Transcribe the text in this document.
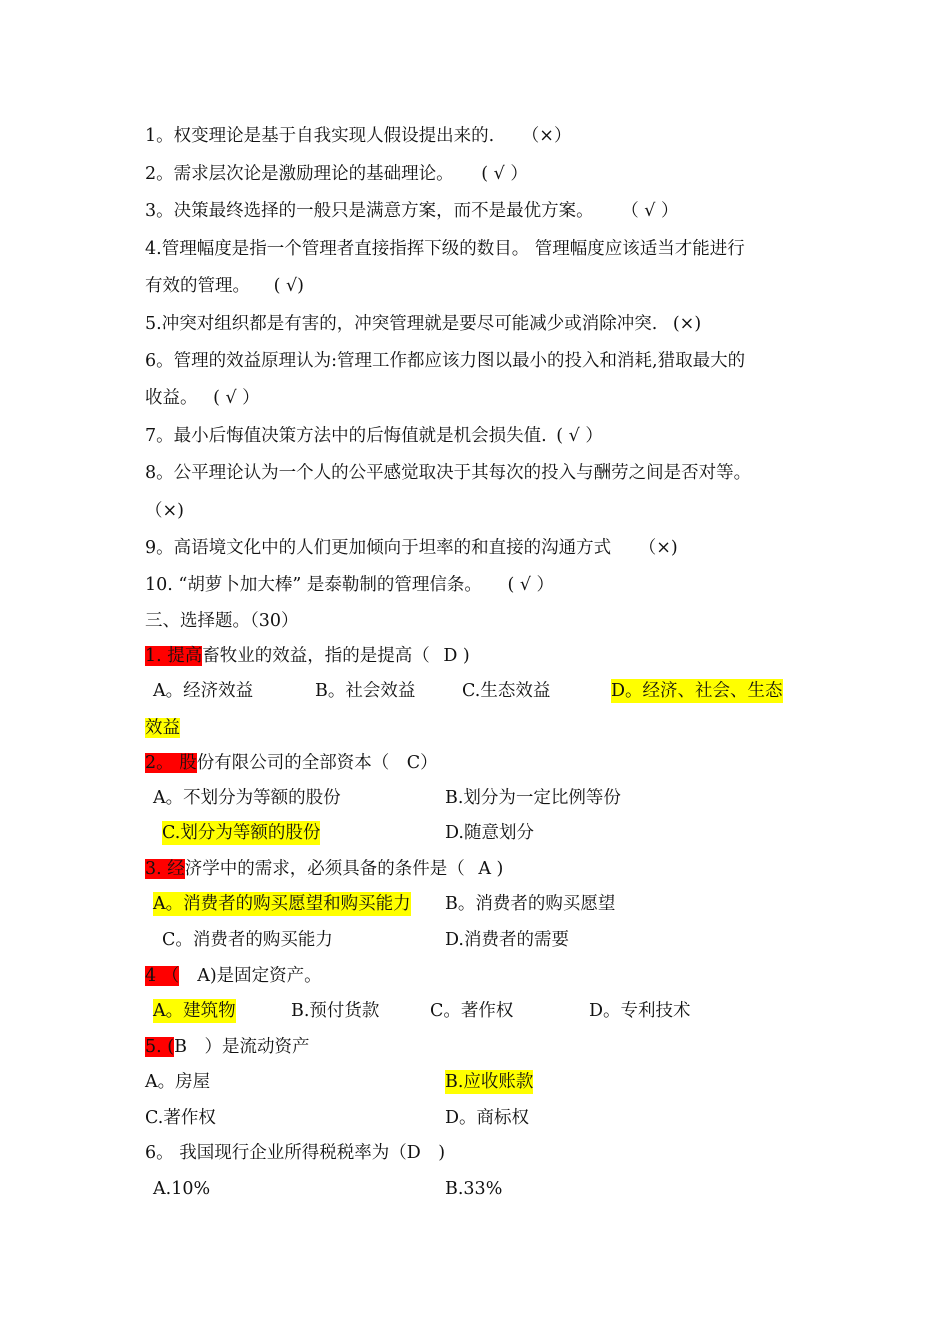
1。权变理论是基于自我实现人假设提出来的. （×）
2。需求层次论是激励理论的基础理论。 ( √ ）
3。决策最终选择的一般只是满意方案，而不是最优方案。 （ √ ）
4.管理幅度是指一个管理者直接指挥下级的数目。 管理幅度应该适当才能进行
有效的管理。 ( √)
5.冲突对组织都是有害的，冲突管理就是要尽可能减少或消除冲突. (×)
6。管理的效益原理认为:管理工作都应该力图以最小的投入和消耗,猎取最大的
收益。 ( √ ）
7。最小后悔值决策方法中的后悔值就是机会损失值. ( √ ）
8。公平理论认为一个人的公平感觉取决于其每次的投入与酬劳之间是否对等。
（×)
9。高语境文化中的人们更加倾向于坦率的和直接的沟通方式 （×)
10. “胡萝卜加大棒” 是泰勒制的管理信条。 ( √ ）
三、选择题。（30）
1. 提高畜牧业的效益，指的是提高（ D )
A。经济效益	B。社会效益	C.生态效益	D。经济、社会、生态
效益
2。 股份有限公司的全部资本（ C）
A。不划分为等额的股份	B.划分为一定比例等份
C.划分为等额的股份	D.随意划分
3. 经济学中的需求，必须具备的条件是（ A )
A。消费者的购买愿望和购买能力 B。消费者的购买愿望
C。消费者的购买能力	D.消费者的需要
4 （ A)是固定资产。
A。建筑物	B.预付货款	C。著作权	D。专利技术
5. (B　）是流动资产
A。房屋	B.应收账款
C.著作权	D。商标权
6。 我国现行企业所得税税率为（D　)
A.10%	B.33%
